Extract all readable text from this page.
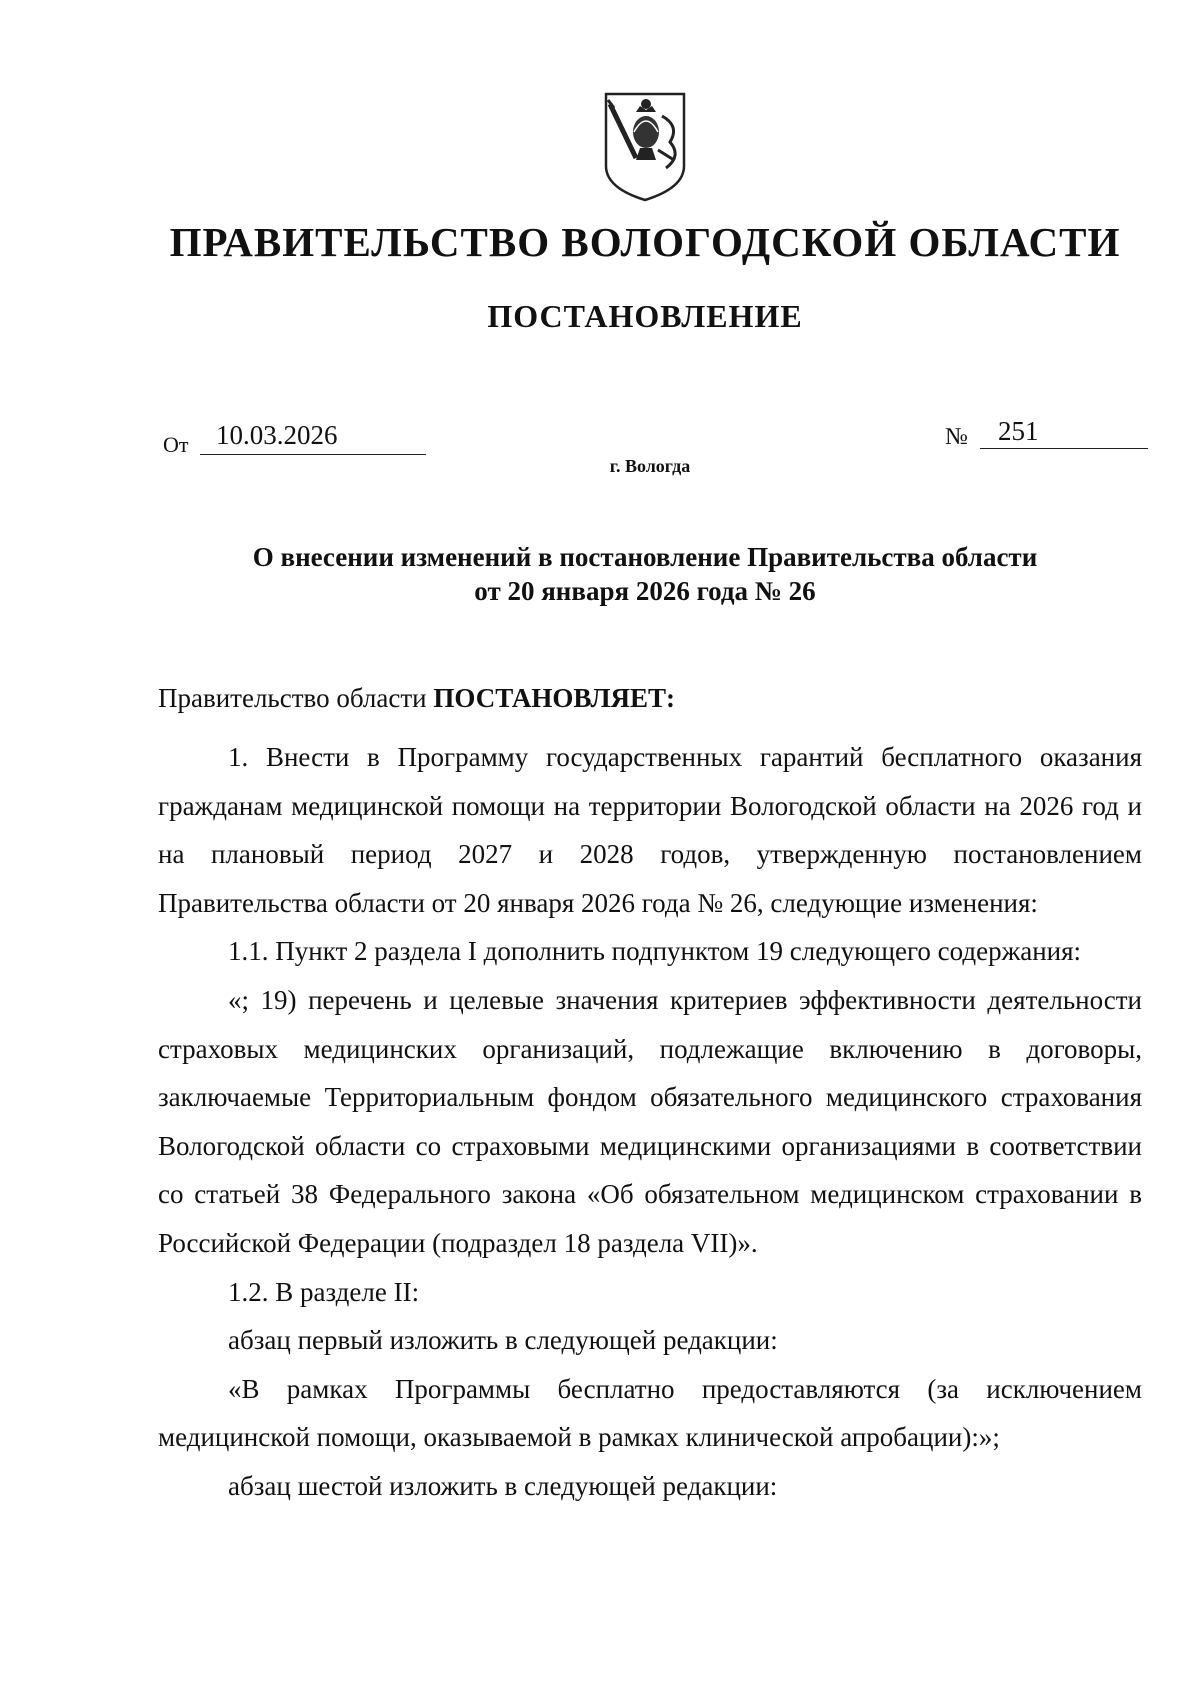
ПРАВИТЕЛЬСТВО ВОЛОГОДСКОЙ ОБЛАСТИ
ПОСТАНОВЛЕНИЕ
От	10.03.2026	№	251
г. Вологда
О внесении изменений в постановление Правительства области
от 20 января 2026 года № 26
Правительство области ПОСТАНОВЛЯЕТ:

1. Внести в Программу государственных гарантий бесплатного оказания гражданам медицинской помощи на территории Вологодской области на 2026 год и на плановый период 2027 и 2028 годов, утвержденную постановлением Правительства области от 20 января 2026 года № 26, следующие изменения:

1.1. Пункт 2 раздела I дополнить подпунктом 19 следующего содержания:

«; 19) перечень и целевые значения критериев эффективности деятельности страховых медицинских организаций, подлежащие включению в договоры, заключаемые Территориальным фондом обязательного медицинского страхования Вологодской области со страховыми медицинскими организациями в соответствии со статьей 38 Федерального закона «Об обязательном медицинском страховании в Российской Федерации (подраздел 18 раздела VII)».

1.2. В разделе II:

абзац первый изложить в следующей редакции:

«В рамках Программы бесплатно предоставляются (за исключением медицинской помощи, оказываемой в рамках клинической апробации):»;

абзац шестой изложить в следующей редакции:
